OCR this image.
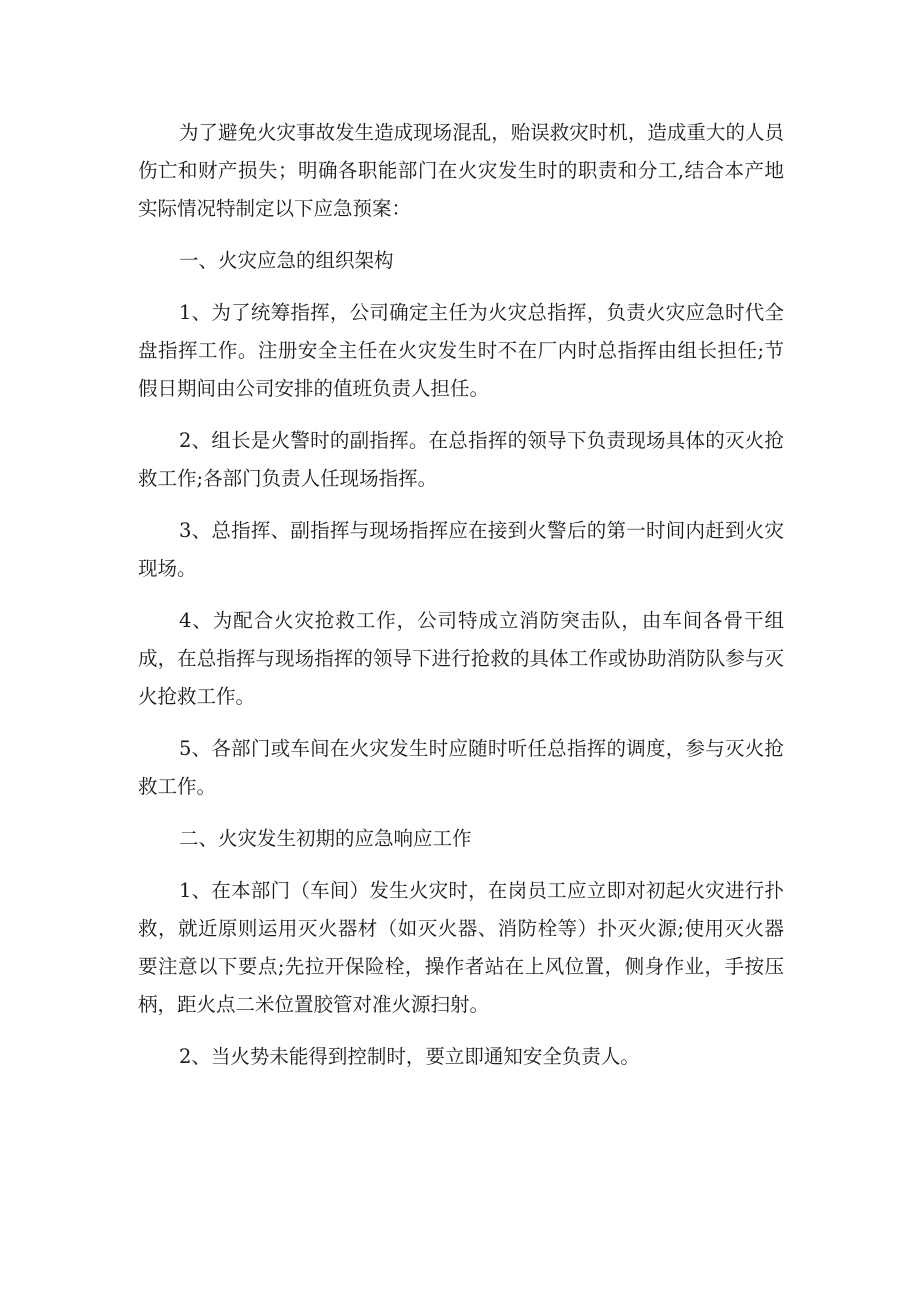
为了避免火灾事故发生造成现场混乱，贻误救灾时机，造成重大的人员伤亡和财产损失；明确各职能部门在火灾发生时的职责和分工,结合本产地实际情况特制定以下应急预案：

一、火灾应急的组织架构

1、为了统筹指挥，公司确定主任为火灾总指挥，负责火灾应急时代全盘指挥工作。注册安全主任在火灾发生时不在厂内时总指挥由组长担任;节假日期间由公司安排的值班负责人担任。

2、组长是火警时的副指挥。在总指挥的领导下负责现场具体的灭火抢救工作;各部门负责人任现场指挥。

3、总指挥、副指挥与现场指挥应在接到火警后的第一时间内赶到火灾现场。

4、为配合火灾抢救工作，公司特成立消防突击队，由车间各骨干组成，在总指挥与现场指挥的领导下进行抢救的具体工作或协助消防队参与灭火抢救工作。

5、各部门或车间在火灾发生时应随时听任总指挥的调度，参与灭火抢救工作。

二、火灾发生初期的应急响应工作

1、在本部门（车间）发生火灾时，在岗员工应立即对初起火灾进行扑救，就近原则运用灭火器材（如灭火器、消防栓等）扑灭火源;使用灭火器要注意以下要点;先拉开保险栓，操作者站在上风位置，侧身作业，手按压柄，距火点二米位置胶管对准火源扫射。

2、当火势未能得到控制时，要立即通知安全负责人。
